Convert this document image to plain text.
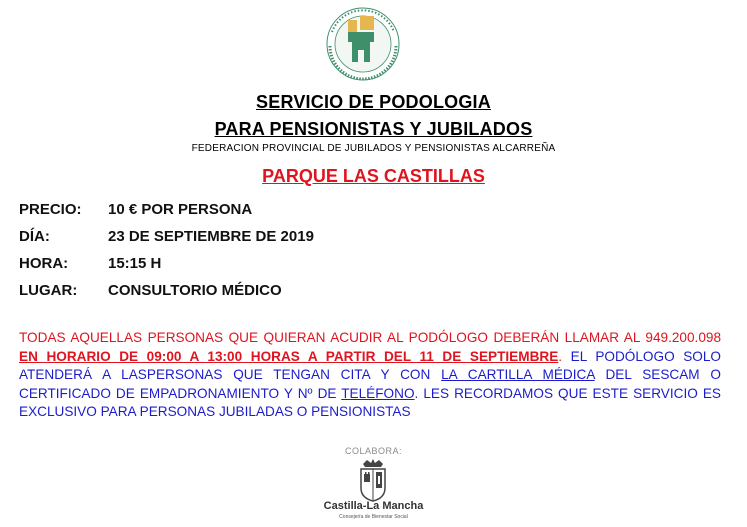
SERVICIO DE PODOLOGIA
PARA PENSIONISTAS Y JUBILADOS
FEDERACION PROVINCIAL DE JUBILADOS Y PENSIONISTAS ALCARREÑA
PARQUE LAS CASTILLAS
PRECIO:	10 € POR PERSONA
DÍA:	23 DE SEPTIEMBRE DE 2019
HORA:	15:15 H
LUGAR:	CONSULTORIO MÉDICO
TODAS AQUELLAS PERSONAS QUE QUIERAN ACUDIR AL PODÓLOGO DEBERÁN LLAMAR AL 949.200.098 EN HORARIO DE 09:00 A 13:00 HORAS A PARTIR DEL 11 DE SEPTIEMBRE. EL PODÓLOGO SOLO ATENDERÁ A LASPERSONAS QUE TENGAN CITA Y CON LA CARTILLA MÉDICA DEL SESCAM O CERTIFICADO DE EMPADRONAMIENTO Y Nº DE TELÉFONO. LES RECORDAMOS QUE ESTE SERVICIO ES EXCLUSIVO PARA PERSONAS JUBILADAS O PENSIONISTAS
COLABORA:
Castilla-La Mancha
Consejería de Bienestar Social
